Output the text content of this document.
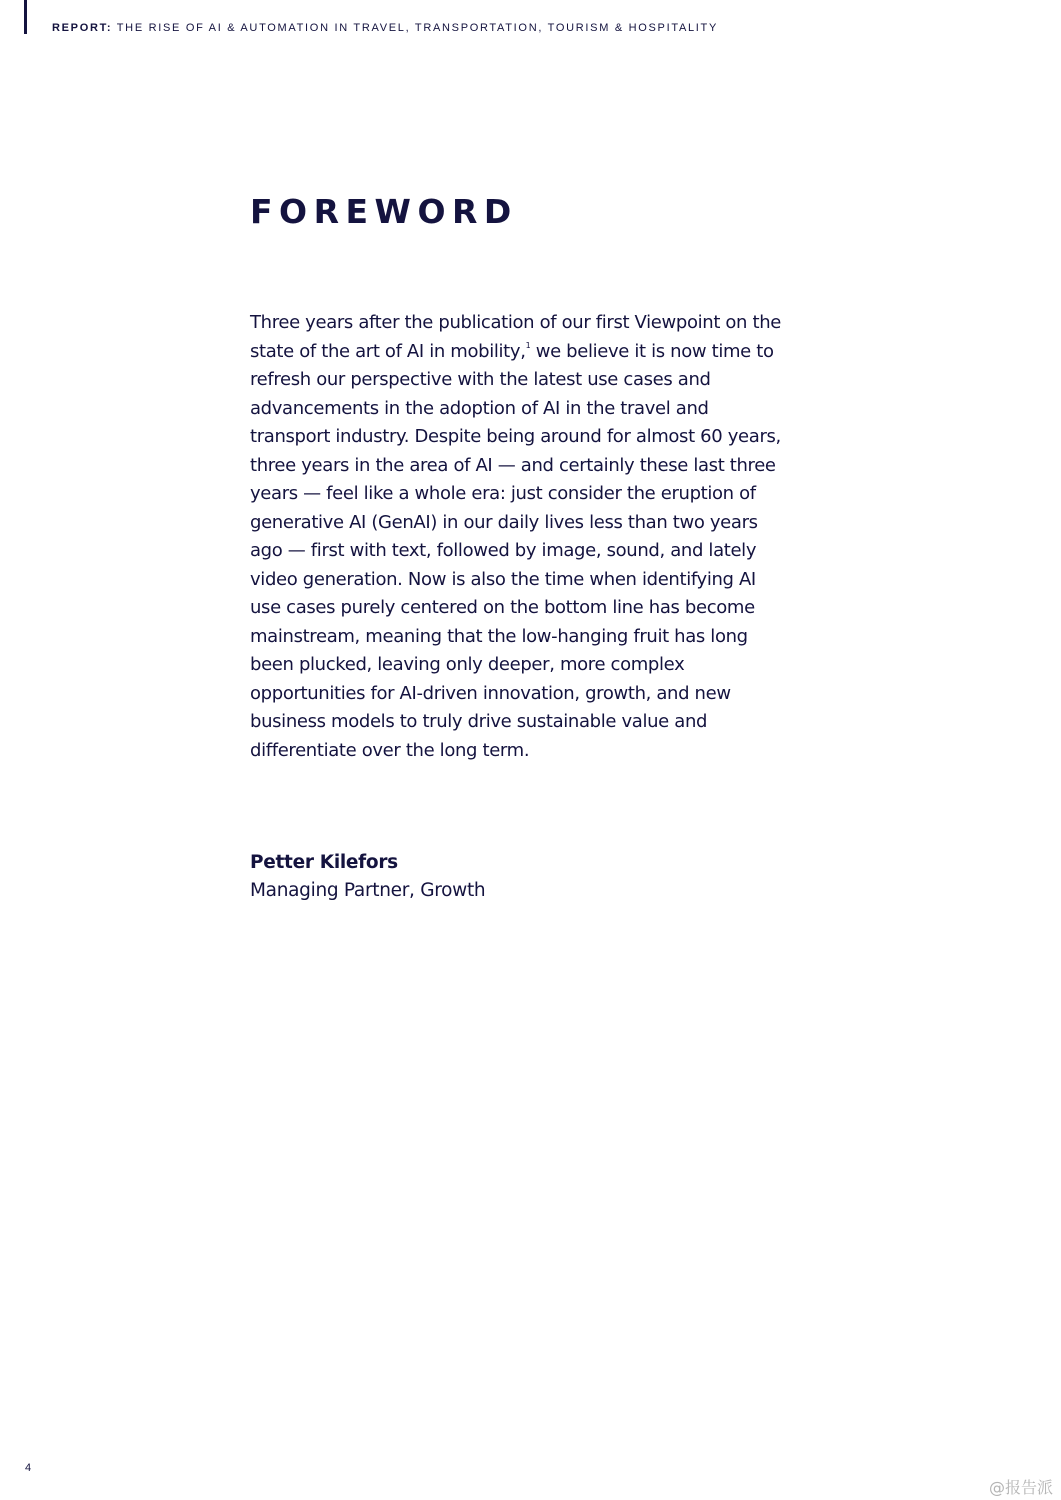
REPORT: THE RISE OF AI & AUTOMATION IN TRAVEL, TRANSPORTATION, TOURISM & HOSPITALITY
FOREWORD

Three years after the publication of our first Viewpoint on the state of the art of AI in mobility,$^1$ we believe it is now time to refresh our perspective with the latest use cases and advancements in the adoption of AI in the travel and transport industry. Despite being around for almost 60 years, three years in the area of AI — and certainly these last three years — feel like a whole era: just consider the eruption of generative AI (GenAI) in our daily lives less than two years ago — first with text, followed by image, sound, and lately video generation. Now is also the time when identifying AI use cases purely centered on the bottom line has become mainstream, meaning that the low-hanging fruit has long been plucked, leaving only deeper, more complex opportunities for AI-driven innovation, growth, and new business models to truly drive sustainable value and differentiate over the long term.

Petter Kilefors
Managing Partner, Growth
4
@报告派
